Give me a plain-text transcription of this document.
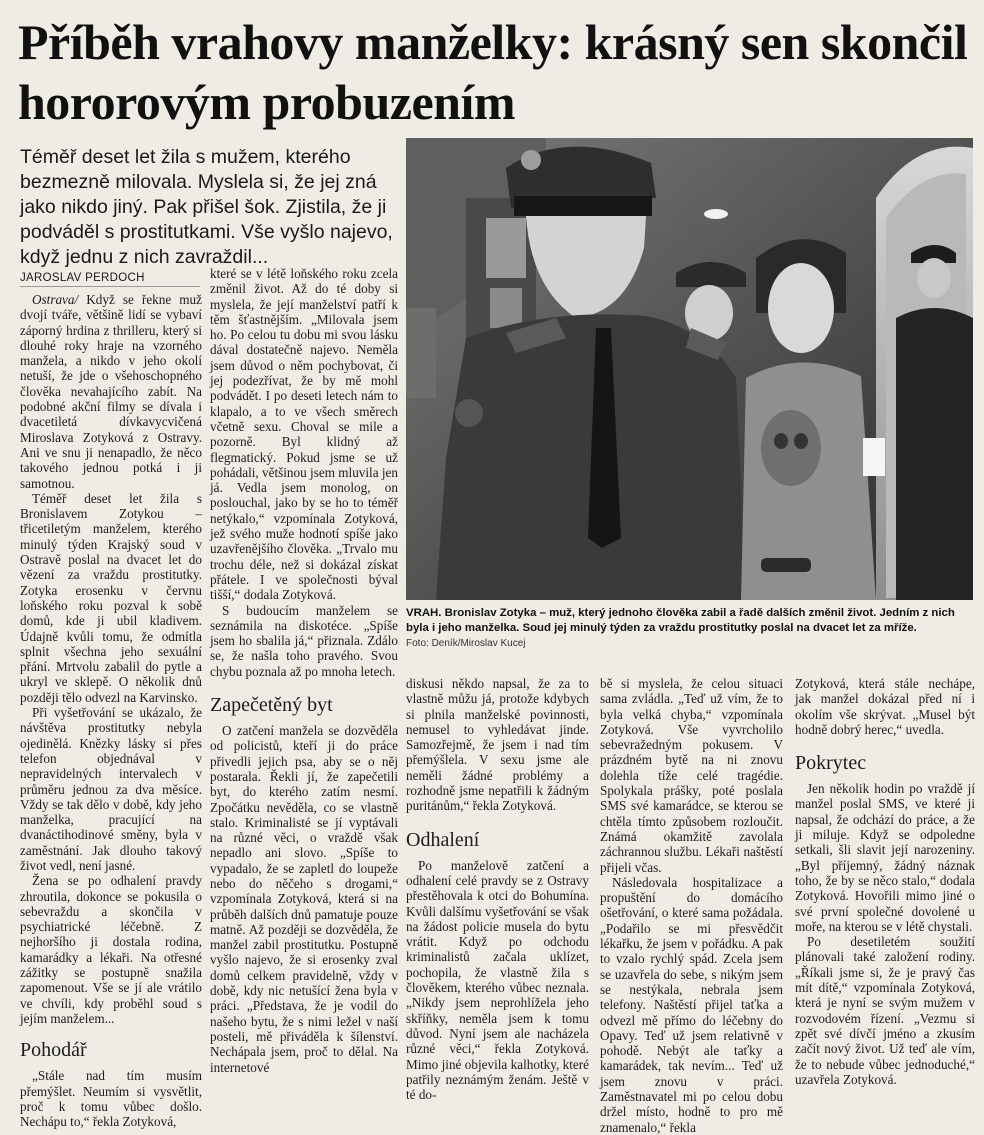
Příběh vrahovy manželky: krásný sen skončil hororovým probuzením
Téměř deset let žila s mužem, kterého bezmezně milovala. Myslela si, že jej zná jako nikdo jiný. Pak přišel šok. Zjistila, že ji podváděl s prostitutkami. Vše vyšlo najevo, když jednu z nich zavraždil...
JAROSLAV PERDOCH

Ostrava/ Když se řekne muž dvojí tváře, většině lidí se vybaví záporný hrdina z thrilleru, který si dlouhé roky hraje na vzorného manžela, a nikdo v jeho okolí netuší, že jde o všehoschopného člověka nevahajícího zabít. Na podobné akční filmy se dívala i dvacetiletá dívkavycvičená Miroslava Zotyková z Ostravy. Ani ve snu ji nenapadlo, že něco takového jednou potká i ji samotnou.

Téměř deset let žila s Bronislavem Zotykou – třicetiletým manželem, kterého minulý týden Krajský soud v Ostravě poslal na dvacet let do vězení za vraždu prostitutky. Zotyka erosenku v červnu loňského roku pozval k sobě domů, kde ji ubil kladivem. Údajně kvůli tomu, že odmítla splnit všechna jeho sexuální přání. Mrtvolu zabalil do pytle a ukryl ve sklepě. O několik dnů později tělo odvezl na Karvinsko.

Při vyšetřování se ukázalo, že návštěva prostitutky nebyla ojedinělá. Knězky lásky si přes telefon objednával v nepravidelných intervalech v průměru jednou za dva měsíce. Vždy se tak dělo v době, kdy jeho manželka, pracující na dvanáctihodinové směny, byla v zaměstnání. Jak dlouho takový život vedl, není jasné.

Žena se po odhalení pravdy zhroutila, dokonce se pokusila o sebevraždu a skončila v psychiatrické léčebně. Z nejhoršího ji dostala rodina, kamarádky a lékaři. Na otřesné zážitky se postupně snažila zapomenout. Vše se jí ale vrátilo ve chvíli, kdy proběhl soud s jejím manželem...

Pohodář

„Stále nad tím musím přemýšlet. Neumím si vysvětlit, proč k tomu vůbec došlo. Nechápu to,“ řekla Zotyková,

které se v létě loňského roku zcela změnil život. Až do té doby si myslela, že její manželství patří k těm šťastnějším. „Milovala jsem ho. Po celou tu dobu mi svou lásku dával dostatečně najevo. Neměla jsem důvod o něm pochybovat, či jej podezřívat, že by mě mohl podvádět. I po deseti letech nám to klapalo, a to ve všech směrech včetně sexu. Choval se mile a pozorně. Byl klidný až flegmatický. Pokud jsme se už pohádali, většinou jsem mluvila jen já. Vedla jsem monolog, on poslouchal, jako by se ho to téměř netýkalo,“ vzpomínala Zotyková, jež svého muže hodnotí spíše jako uzavřenějšího člověka. „Trvalo mu trochu déle, než si dokázal získat přátele. I ve společnosti býval tišší,“ dodala Zotyková.

S budoucím manželem se seznámila na diskotéce. „Spíše jsem ho sbalila já,“ přiznala. Zdálo se, že našla toho pravého. Svou chybu poznala až po mnoha letech.

Zapečetěný byt

O zatčení manžela se dozvěděla od policistů, kteří ji do práce přivedli jejich psa, aby se o něj postarala. Řekli jí, že zapečetili byt, do kterého zatím nesmí. Zpočátku nevěděla, co se vlastně stalo. Kriminalisté se jí vyptávali na různé věci, o vraždě však nepadlo ani slovo. „Spíše to vypadalo, že se zapletl do loupeže nebo do něčeho s drogami,“ vzpomínala Zotyková, která si na průběh dalších dnů pamatuje pouze matně. Až později se dozvěděla, že manžel zabil prostitutku. Postupně vyšlo najevo, že si erosenky zval domů celkem pravidelně, vždy v době, kdy nic netušící žena byla v práci. „Představa, že je vodil do našeho bytu, že s nimi ležel v naší posteli, mě přiváděla k šílenství. Nechápala jsem, proč to dělal. Na internetové

VRAH. Bronislav Zotyka – muž, který jednoho člověka zabil a řadě dalších změnil život. Jedním z nich byla i jeho manželka. Soud jej minulý týden za vraždu prostitutky poslal na dvacet let za mříže.
Foto: Deník/Miroslav Kucej

diskusi někdo napsal, že za to vlastně můžu já, protože kdybych si plnila manželské povinnosti, nemusel to vyhledávat jinde. Samozřejmě, že jsem i nad tím přemýšlela. V sexu jsme ale neměli žádné problémy a rozhodně jsme nepatřili k žádným puritánům,“ řekla Zotyková.

Odhalení

Po manželově zatčení a odhalení celé pravdy se z Ostravy přestěhovala k otci do Bohumína. Kvůli dalšímu vyšetřování se však na žádost policie musela do bytu vrátit. Když po odchodu kriminalistů začala uklízet, pochopila, že vlastně žila s člověkem, kterého vůbec neznala. „Nikdy jsem neprohlížela jeho skříňky, neměla jsem k tomu důvod. Nyní jsem ale nacházela různé věci,“ řekla Zotyková. Mimo jiné objevila kalhotky, které patřily neznámým ženám. Ještě v té do-

bě si myslela, že celou situaci sama zvládla. „Teď už vím, že to byla velká chyba,“ vzpomínala Zotyková. Vše vyvrcholilo sebevražedným pokusem. V prázdném bytě na ni znovu dolehla tíže celé tragédie. Spolykala prášky, poté poslala SMS své kamarádce, se kterou se chtěla tímto způsobem rozloučit. Známá okamžitě zavolala záchrannou službu. Lékaři naštěstí přijeli včas.

Následovala hospitalizace a propuštění do domácího ošetřování, o které sama požádala. „Podařilo se mi přesvědčit lékařku, že jsem v pořádku. A pak to vzalo rychlý spád. Zcela jsem se uzavřela do sebe, s nikým jsem se nestýkala, nebrala jsem telefony. Naštěstí přijel taťka a odvezl mě přímo do léčebny do Opavy. Teď už jsem relativně v pohodě. Nebýt ale taťky a kamarádek, tak nevím... Teď už jsem znovu v práci. Zaměstnavatel mi po celou dobu držel místo, hodně to pro mě znamenalo,“ řekla

Zotyková, která stále nechápe, jak manžel dokázal před ní i okolím vše skrývat. „Musel být hodně dobrý herec,“ uvedla.

Pokrytec

Jen několik hodin po vraždě jí manžel poslal SMS, ve které ji napsal, že odchází do práce, a že ji miluje. Když se odpoledne setkali, šli slavit její narozeniny. „Byl příjemný, žádný náznak toho, že by se něco stalo,“ dodala Zotyková. Hovořili mimo jiné o své první společné dovolené u moře, na kterou se v létě chystali.

Po desetiletém soužití plánovali také založení rodiny. „Říkali jsme si, že je pravý čas mít dítě,“ vzpomínala Zotyková, která je nyní se svým mužem v rozvodovém řízení. „Vezmu si zpět své dívčí jméno a zkusím začít nový život. Už teď ale vím, že to nebude vůbec jednoduché,“ uzavřela Zotyková.
